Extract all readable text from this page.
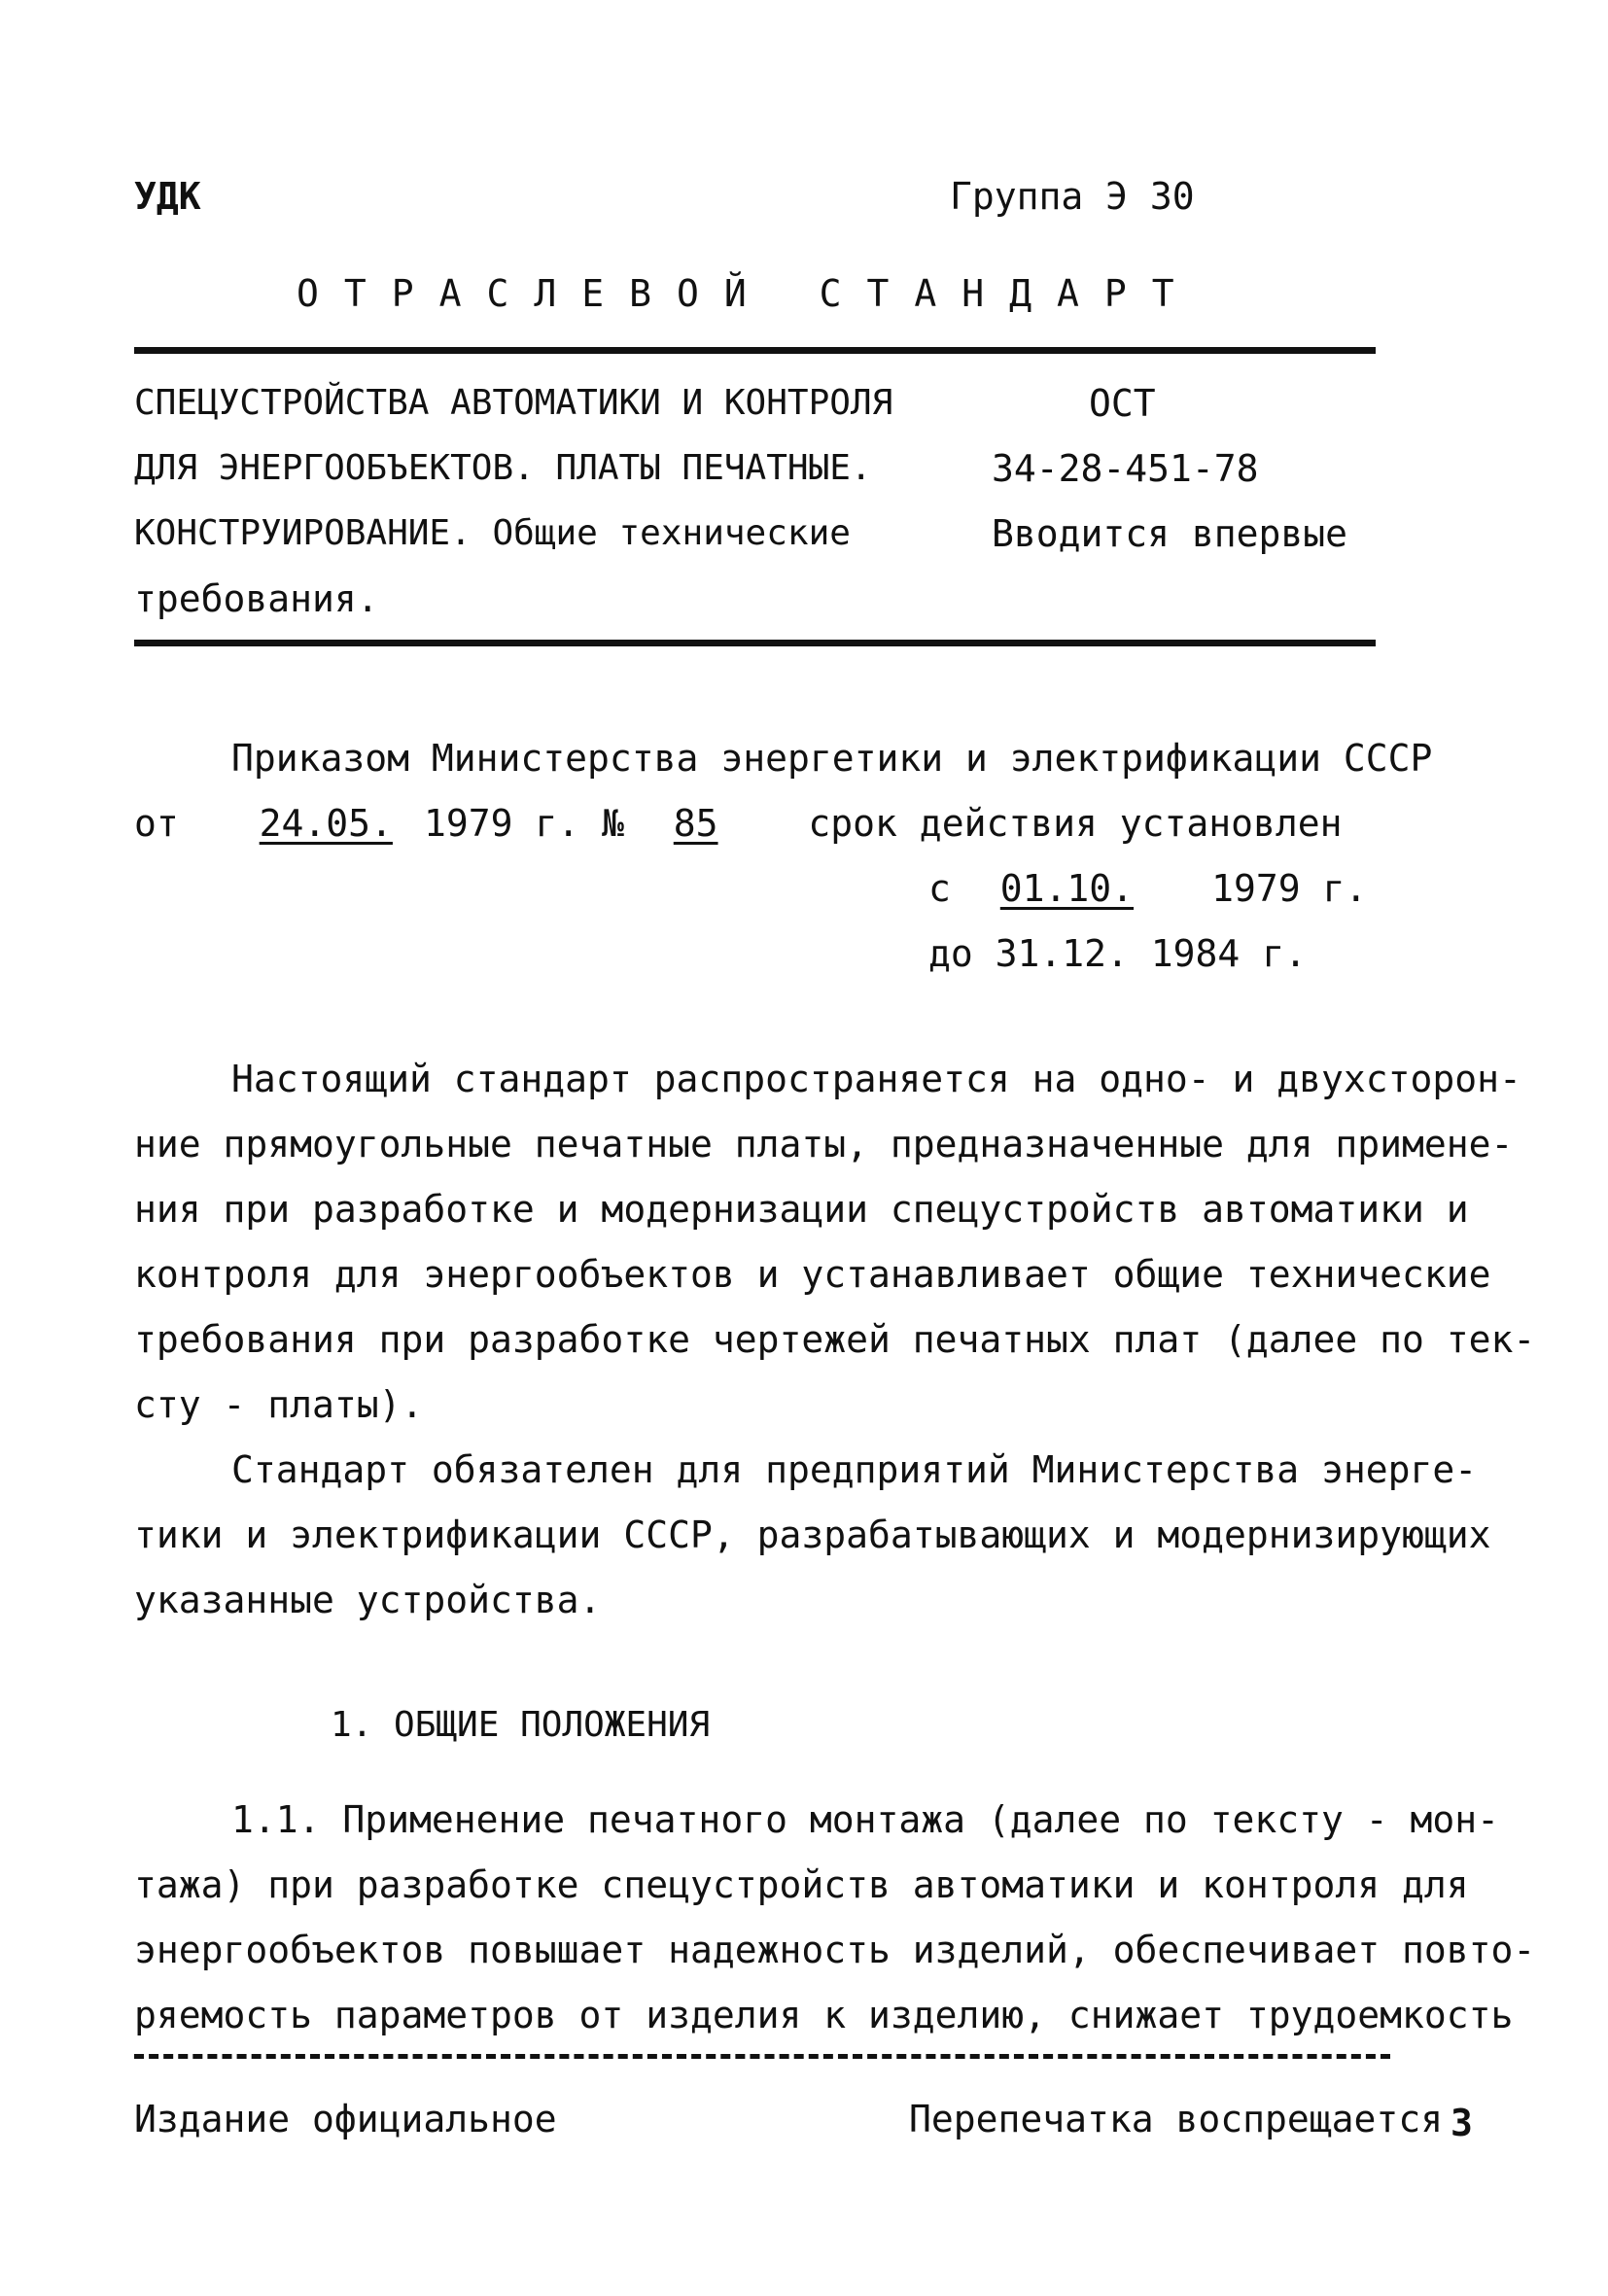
УДК	Группа Э 30
ОТРАСЛЕВОЙ СТАНДАРТ
СПЕЦУСТРОЙСТВА АВТОМАТИКИ И КОНТРОЛЯ
ДЛЯ ЭНЕРГООБЪЕКТОВ. ПЛАТЫ ПЕЧАТНЫЕ.
КОНСТРУИРОВАНИЕ. Общие технические
требования.
ОСТ
34-28-451-78
Вводится впервые
Приказом Министерства энергетики и электрификации СССР
от 24.05. 1979 г. № 85 срок действия установлен
с 01.10. 1979 г.
до 31.12. 1984 г.
Настоящий стандарт распространяется на одно- и двухсторон-
ние прямоугольные печатные платы, предназначенные для примене-
ния при разработке и модернизации спецустройств автоматики и
контроля для энергообъектов и устанавливает общие технические
требования при разработке чертежей печатных плат (далее по тек-
сту - платы).
Стандарт обязателен для предприятий Министерства энерге-
тики и электрификации СССР, разрабатывающих и модернизирующих
указанные устройства.
1. ОБЩИЕ ПОЛОЖЕНИЯ
1.1. Применение печатного монтажа (далее по тексту - мон-
тажа) при разработке спецустройств автоматики и контроля для
энергообъектов повышает надежность изделий, обеспечивает повто-
ряемость параметров от изделия к изделию, снижает трудоемкость
Издание официальное	Перепечатка воспрещается 3
